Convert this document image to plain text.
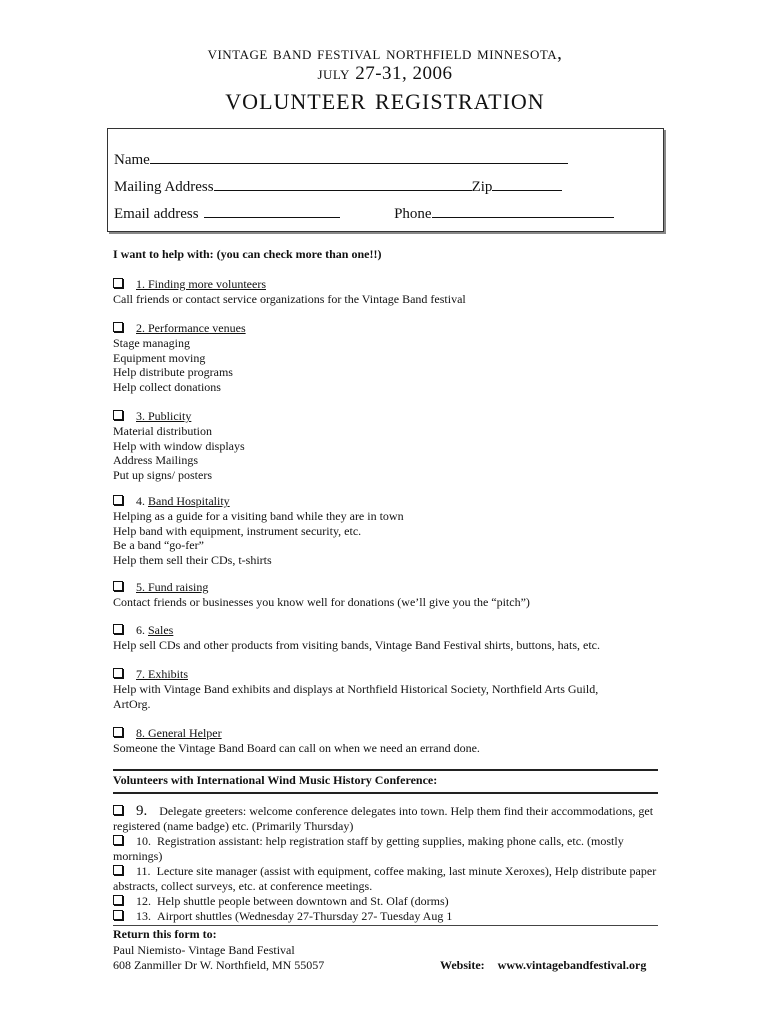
vintage band festival northfield minnesota,
july 27-31, 2006
volunteer registration
Name
Mailing Address	Zip
Email address	Phone
I want to help with: (you can check more than one!!)
1. Finding more volunteers
Call friends or contact service organizations for the Vintage Band festival
2. Performance venues
Stage managing
Equipment moving
Help distribute programs
Help collect donations
3. Publicity
Material distribution
Help with window displays
Address Mailings
Put up signs/ posters
4. Band Hospitality
Helping as a guide for a visiting band while they are in town
Help band with equipment, instrument security, etc.
Be a band “go-fer”
Help them sell their CDs, t-shirts
5. Fund raising
Contact friends or businesses you know well for donations (we’ll give you the “pitch”)
6. Sales
Help sell CDs and other products from visiting bands, Vintage Band Festival shirts, buttons, hats, etc.
7. Exhibits
Help with Vintage Band exhibits and displays at Northfield Historical Society, Northfield Arts Guild,
ArtOrg.
8. General Helper
Someone the Vintage Band Board can call on when we need an errand done.
Volunteers with International Wind Music History Conference:
9. Delegate greeters: welcome conference delegates into town. Help them find their accommodations, get registered (name badge) etc. (Primarily Thursday)
10. Registration assistant: help registration staff by getting supplies, making phone calls, etc. (mostly mornings)
11. Lecture site manager (assist with equipment, coffee making, last minute Xeroxes), Help distribute paper abstracts, collect surveys, etc. at conference meetings.
12. Help shuttle people between downtown and St. Olaf (dorms)
13. Airport shuttles (Wednesday 27-Thursday 27- Tuesday Aug 1
Return this form to:
Paul Niemisto- Vintage Band Festival
608 Zanmiller Dr W. Northfield, MN 55057	Website: www.vintagebandfestival.org
